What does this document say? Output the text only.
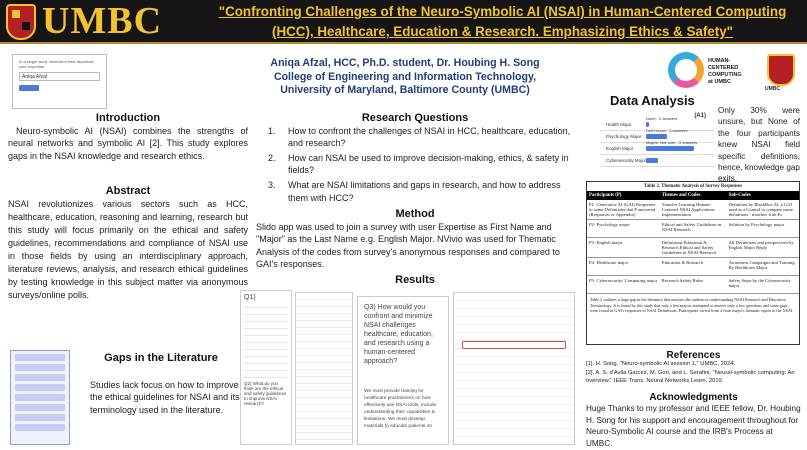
UMBC	"Confronting Challenges of the Neuro-Symbolic AI (NSAI) in Human-Centered Computing (HCC), Healthcare, Education & Research. Emphasizing Ethics & Safety"
In a single word, what term best describes your expertise
Aniqa Afzal
Introduction
Neuro-symbolic AI (NSAI) combines the strengths of neural networks and symbolic AI [2]. This study explores gaps in the NSAI knowledge and research ethics.
Abstract
NSAI revolutionizes various sectors such as HCC, healthcare, education, reasoning and learning, research but this study will focus primarily on the ethical and safety guidelines, recommendations and compliance of NSAI use in those fields by using an interdisciplinary approach, literature reviews, analysis, and research ethical guidelines by testing knowledge in this subject matter via anonymous surveys/online polls.
Gaps in the Literature
Studies lack focus on how to improve the ethical guidelines for NSAI and its terminology used in the literature.
Aniqa Afzal, HCC, Ph.D. student, Dr. Houbing H. Song
College of Engineering and Information Technology,
University of Maryland, Baltimore County (UMBC)
Research Questions
1. How to confront the challenges of NSAI in HCC, healthcare, education, and research?
2. How can NSAI be used to improve decision-making, ethics, & safety in fields?
3. What are NSAI limitations and gaps in research, and how to address them with HCC?
Method
Slido app was used to join a survey with user Expertise as First Name and "Major" as the Last Name e.g. English Major. NVivio was used for Thematic Analysis of the codes from survey's anonymous responses and compared to GAI's responses.
Results
Q1)
Q2) What do you think are the ethical and safety guidelines to improve NSAI research?
Q3) How would you confront and minimize NSAI challenges healthcare, education, and research using a human-centered approach?
We must provide training for healthcare practitioners on how effectively use NSAI tools, include understanding their capabilities & limitations. We must develop materials to educate patients on
HUMAN-
CENTERED
COMPUTING
at UMBC
UMBC
Data Analysis
Only 30% were unsure, but None of the four participants knew NSAI field specific definitions; hence, knowledge gap exits.
(A1)
Health Major
Psychology Major
English Major
Cybersecurity Major
None - 0 answers
Don't know - 1 answers
Maybe, Not sure - 3 answers
Table 2. Thematic Analysis of Survey Responses
Participants (P)	Themes and Codes	Sub-Codes
P1- Generative AI (GAI) Responses to some Definitions that P answered (Responses or Appendix)	Transfer Learning Human-Centered NSAI Applications Implementation	Definition by BlackBox AI, a GAI used as a Control to compare some definitions - matches with Ps
P2- Psychology major	Ethical and Safety Guidelines in NSAI Research	Solution by Psychology major
P3- English major	Definitions Education & Research Ethical and Safety Guidelines in NSAI Research	All Definitions and perspectives by English Major Reply
P4- Healthcare major	Education & Research	Awareness Campaigns and Training By Healthcare Major
P5- Cybersecurity/ Computing major	Research Safety Rules	Safety Steps by the Cybersecurity major
Table 2 outlines a large gap in the literature that assesses the audiences understanding NSAI Research and Education Terminology. It is found by this study that only a few majors attempted to answer only a few questions and some gaps were found in GAI's responses to NSAI Definitions. Participants varied from 4 from major's thematic report to the NSAI.
References
[1]. H. Song, "Neuro-symbolic AI session 1," UMBC, 2024.
[2]. A. S. d'Avila Garcez, M. Gori, and L. Serafini, "Neural-symbolic computing: An overview," IEEE Trans. Neural Networks Learn. 2019.
Acknowledgments
Huge Thanks to my professor and IEEE fellow, Dr. Houbing H. Song for his support and encouragement throughout for Neuro-Symbolic AI course and the IRB's Process at UMBC.
